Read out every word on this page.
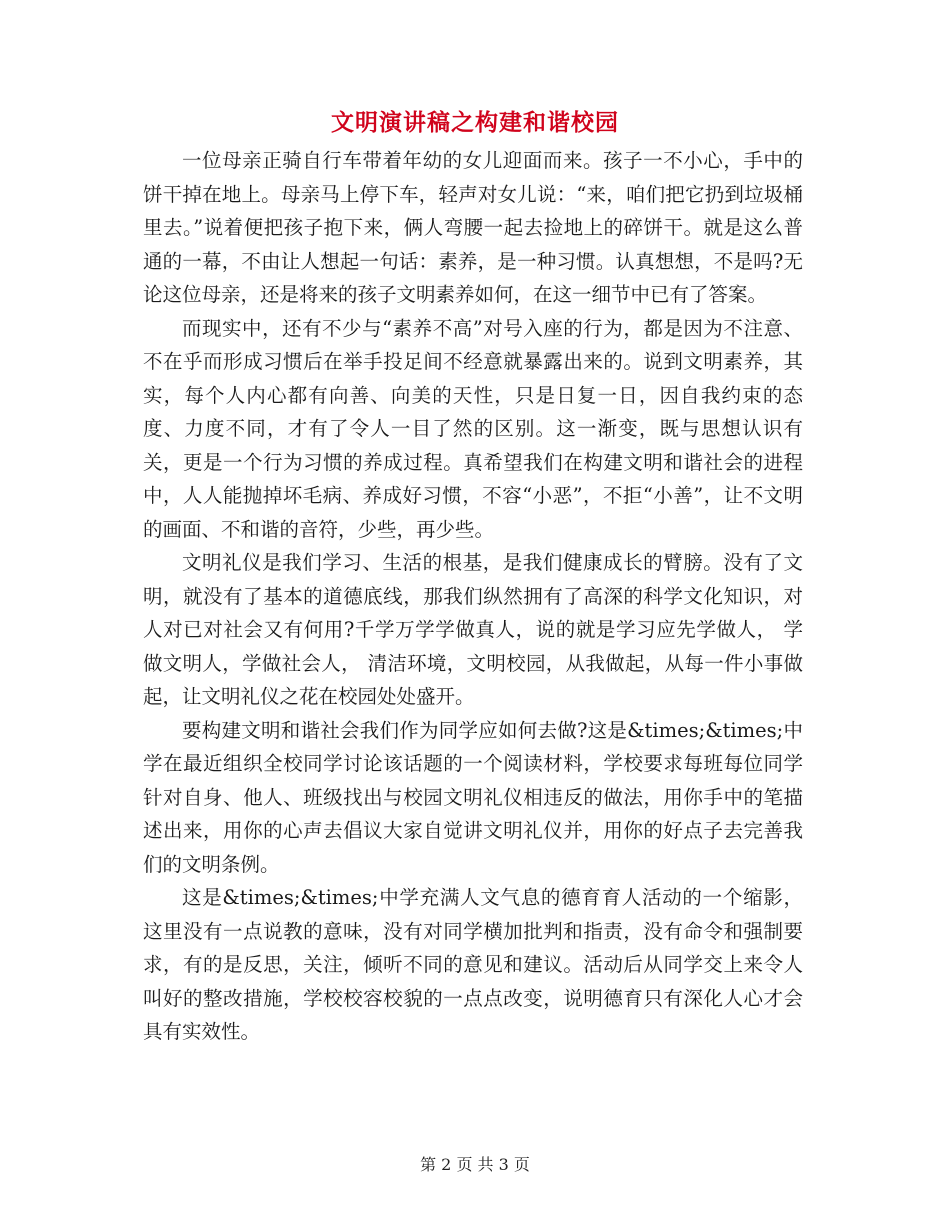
文明演讲稿之构建和谐校园

一位母亲正骑自行车带着年幼的女儿迎面而来。孩子一不小心，手中的饼干掉在地上。母亲马上停下车，轻声对女儿说：“来，咱们把它扔到垃圾桶里去。”说着便把孩子抱下来，俩人弯腰一起去捡地上的碎饼干。就是这么普通的一幕，不由让人想起一句话：素养，是一种习惯。认真想想，不是吗?无论这位母亲，还是将来的孩子文明素养如何，在这一细节中已有了答案。

而现实中，还有不少与“素养不高”对号入座的行为，都是因为不注意、不在乎而形成习惯后在举手投足间不经意就暴露出来的。说到文明素养，其实，每个人内心都有向善、向美的天性，只是日复一日，因自我约束的态度、力度不同，才有了令人一目了然的区别。这一渐变，既与思想认识有关，更是一个行为习惯的养成过程。真希望我们在构建文明和谐社会的进程中，人人能抛掉坏毛病、养成好习惯，不容“小恶”，不拒“小善”，让不文明的画面、不和谐的音符，少些，再少些。

文明礼仪是我们学习、生活的根基，是我们健康成长的臂膀。没有了文明，就没有了基本的道德底线，那我们纵然拥有了高深的科学文化知识，对人对已对社会又有何用?千学万学学做真人，说的就是学习应先学做人， 学做文明人，学做社会人， 清洁环境，文明校园，从我做起，从每一件小事做起，让文明礼仪之花在校园处处盛开。

要构建文明和谐社会我们作为同学应如何去做?这是&times;&times;中学在最近组织全校同学讨论该话题的一个阅读材料，学校要求每班每位同学针对自身、他人、班级找出与校园文明礼仪相违反的做法，用你手中的笔描述出来，用你的心声去倡议大家自觉讲文明礼仪并，用你的好点子去完善我们的文明条例。

这是&times;&times;中学充满人文气息的德育育人活动的一个缩影，这里没有一点说教的意味，没有对同学横加批判和指责，没有命令和强制要求，有的是反思，关注，倾听不同的意见和建议。活动后从同学交上来令人叫好的整改措施，学校校容校貌的一点点改变，说明德育只有深化人心才会具有实效性。

第 2 页 共 3 页
